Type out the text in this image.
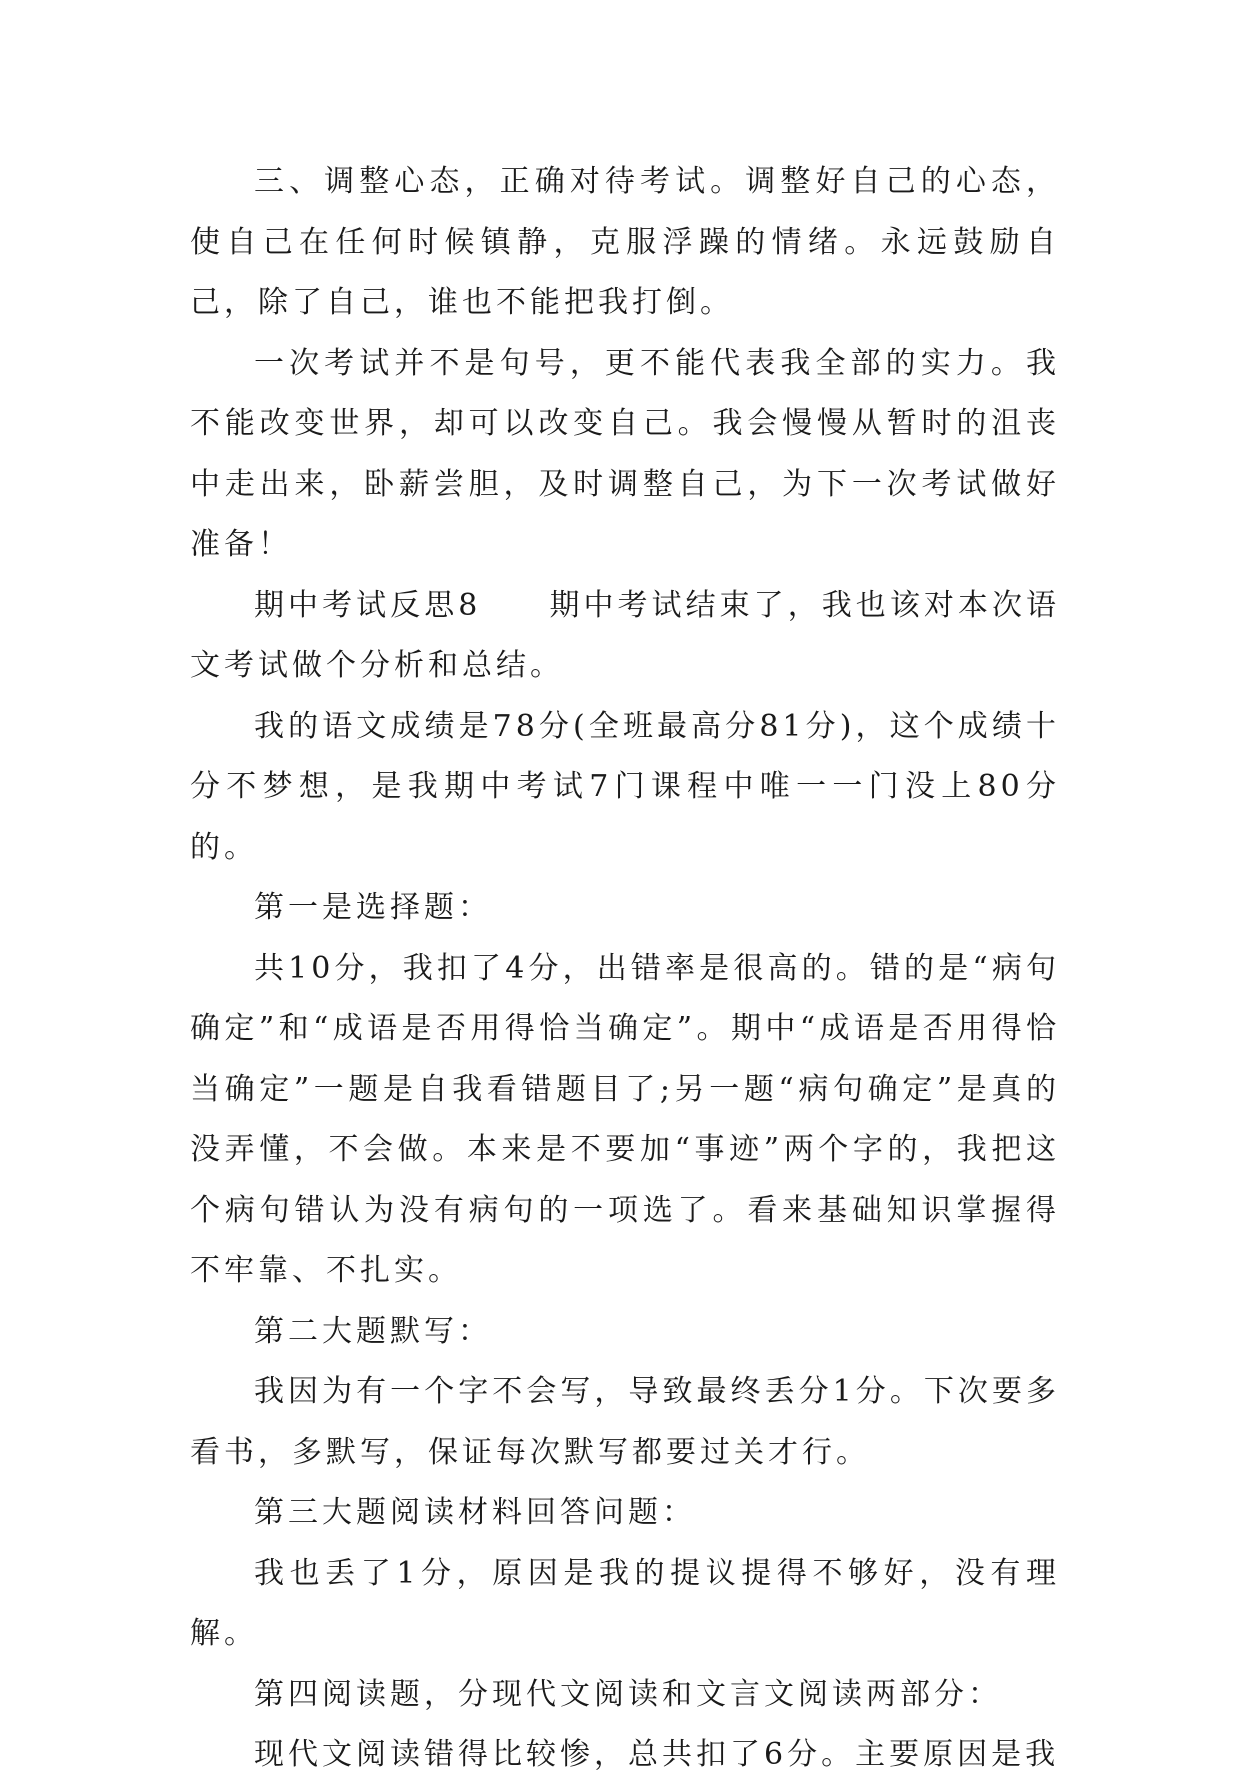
三、调整心态，正确对待考试。调整好自己的心态，使自己在任何时候镇静，克服浮躁的情绪。永远鼓励自己，除了自己，谁也不能把我打倒。

一次考试并不是句号，更不能代表我全部的实力。我不能改变世界，却可以改变自己。我会慢慢从暂时的沮丧中走出来，卧薪尝胆，及时调整自己，为下一次考试做好准备！

期中考试反思8　　期中考试结束了，我也该对本次语文考试做个分析和总结。

我的语文成绩是78分(全班最高分81分)，这个成绩十分不梦想，是我期中考试7门课程中唯一一门没上80分的。

第一是选择题：

共10分，我扣了4分，出错率是很高的。错的是“病句确定”和“成语是否用得恰当确定”。期中“成语是否用得恰当确定”一题是自我看错题目了;另一题“病句确定”是真的没弄懂，不会做。本来是不要加“事迹”两个字的，我把这个病句错认为没有病句的一项选了。看来基础知识掌握得不牢靠、不扎实。

第二大题默写：

我因为有一个字不会写，导致最终丢分1分。下次要多看书，多默写，保证每次默写都要过关才行。

第三大题阅读材料回答问题：

我也丢了1分，原因是我的提议提得不够好，没有理解。

第四阅读题，分现代文阅读和文言文阅读两部分：

现代文阅读错得比较惨，总共扣了6分。主要原因是我
